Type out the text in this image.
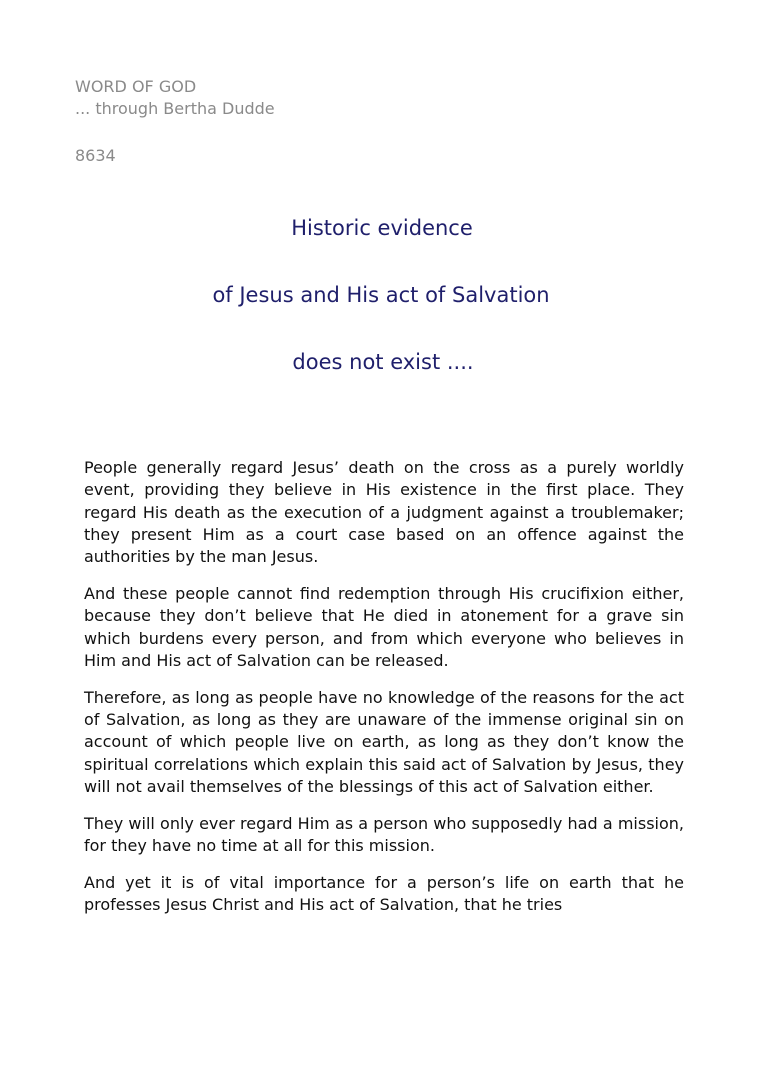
WORD OF GOD
... through Bertha Dudde
8634
Historic evidence
of Jesus and His act of Salvation
does not exist ....

People generally regard Jesus’ death on the cross as a purely worldly event, providing they believe in His existence in the first place. They regard His death as the execution of a judgment against a troublemaker; they present Him as a court case based on an offence against the authorities by the man Jesus.

And these people cannot find redemption through His crucifixion either, because they don’t believe that He died in atonement for a grave sin which burdens every person, and from which everyone who believes in Him and His act of Salvation can be released.

Therefore, as long as people have no knowledge of the reasons for the act of Salvation, as long as they are unaware of the immense original sin on account of which people live on earth, as long as they don’t know the spiritual correlations which explain this said act of Salvation by Jesus, they will not avail themselves of the blessings of this act of Salvation either.

They will only ever regard Him as a person who supposedly had a mission, for they have no time at all for this mission.

And yet it is of vital importance for a person’s life on earth that he professes Jesus Christ and His act of Salvation, that he tries
